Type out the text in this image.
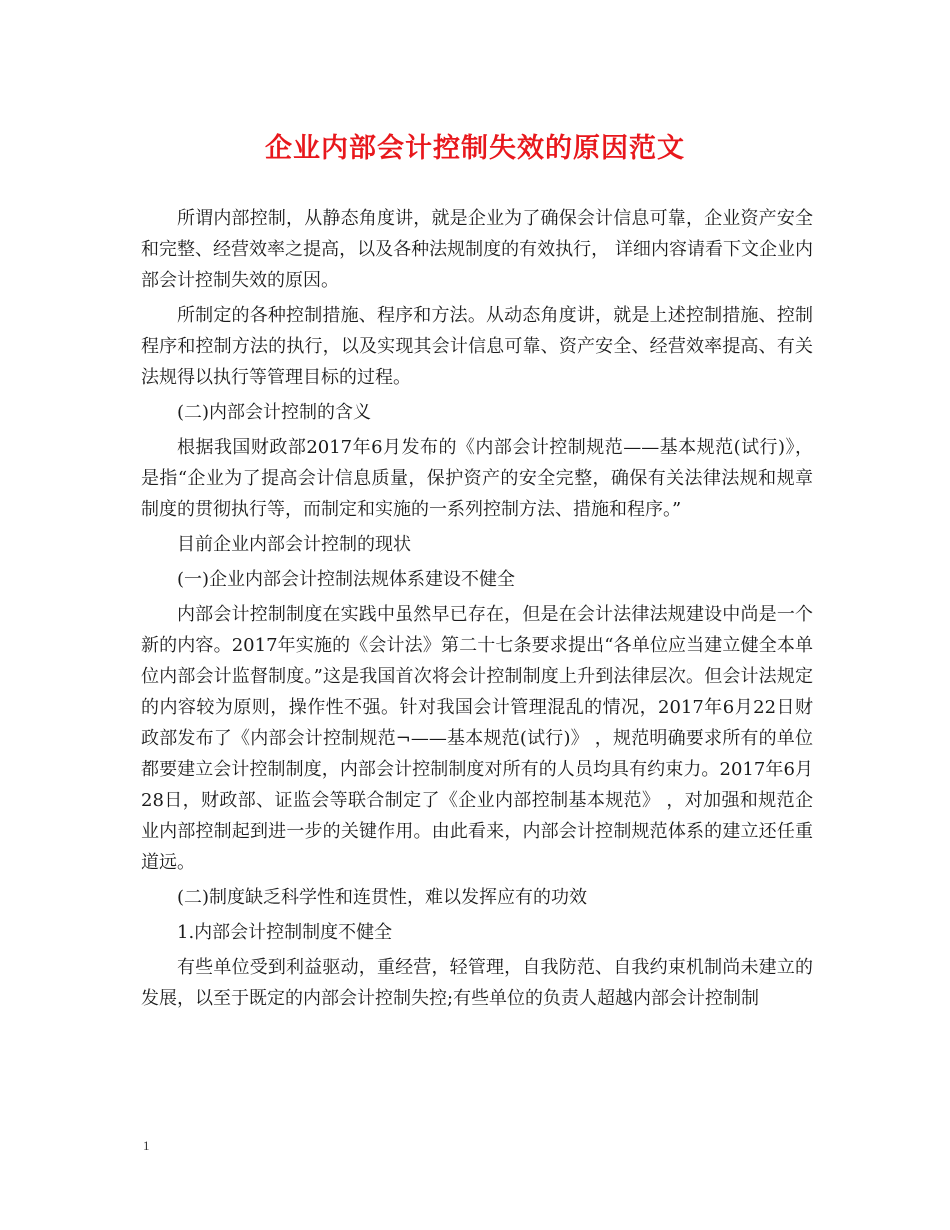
企业内部会计控制失效的原因范文

所谓内部控制，从静态角度讲，就是企业为了确保会计信息可靠，企业资产安全和完整、经营效率之提高，以及各种法规制度的有效执行， 详细内容请看下文企业内部会计控制失效的原因。

所制定的各种控制措施、程序和方法。从动态角度讲，就是上述控制措施、控制程序和控制方法的执行，以及实现其会计信息可靠、资产安全、经营效率提高、有关法规得以执行等管理目标的过程。

(二)内部会计控制的含义

根据我国财政部2017年6月发布的《内部会计控制规范——基本规范(试行)》，是指“企业为了提高会计信息质量，保护资产的安全完整，确保有关法律法规和规章制度的贯彻执行等，而制定和实施的一系列控制方法、措施和程序。”

目前企业内部会计控制的现状

(一)企业内部会计控制法规体系建设不健全

内部会计控制制度在实践中虽然早已存在，但是在会计法律法规建设中尚是一个新的内容。2017年实施的《会计法》第二十七条要求提出“各单位应当建立健全本单位内部会计监督制度。”这是我国首次将会计控制制度上升到法律层次。但会计法规定的内容较为原则，操作性不强。针对我国会计管理混乱的情况，2017年6月22日财政部发布了《内部会计控制规范¬——基本规范(试行)》 ，规范明确要求所有的单位都要建立会计控制制度，内部会计控制制度对所有的人员均具有约束力。2017年6月28日，财政部、证监会等联合制定了《企业内部控制基本规范》 ，对加强和规范企业内部控制起到进一步的关键作用。由此看来，内部会计控制规范体系的建立还任重道远。

(二)制度缺乏科学性和连贯性，难以发挥应有的功效

1.内部会计控制制度不健全

有些单位受到利益驱动，重经营，轻管理，自我防范、自我约束机制尚未建立的发展，以至于既定的内部会计控制失控;有些单位的负责人超越内部会计控制制

1
